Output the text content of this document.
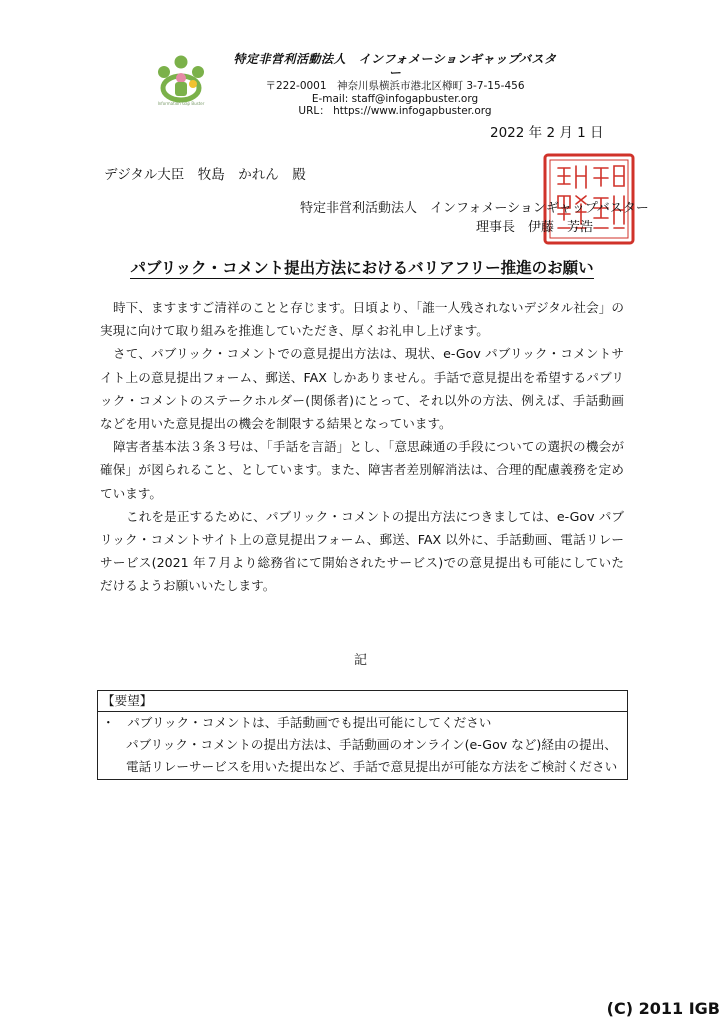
Information Gap Buster
特定非営利活動法人　インフォメーションギャップバスター
〒222-0001　神奈川県横浜市港北区樽町 3-7-15-456
E-mail: staff@infogapbuster.org
URL： https://www.infogapbuster.org
2022 年 2 月 1 日
デジタル大臣　牧島　かれん　殿
特定非営利活動法人　インフォメーションギャップバスター
理事長　伊藤　芳浩
パブリック・コメント提出方法におけるバリアフリー推進のお願い

時下、ますますご清祥のことと存じます。日頃より、「誰一人残されないデジタル社会」の実現に向けて取り組みを推進していただき、厚くお礼申し上げます。

さて、パブリック・コメントでの意見提出方法は、現状、e-Gov パブリック・コメントサイト上の意見提出フォーム、郵送、FAX しかありません。手話で意見提出を希望するパブリック・コメントのステークホルダー(関係者)にとって、それ以外の方法、例えば、手話動画などを用いた意見提出の機会を制限する結果となっています。

障害者基本法３条３号は、「手話を言語」とし、「意思疎通の手段についての選択の機会が確保」が図られること、としています。また、障害者差別解消法は、合理的配慮義務を定めています。

これを是正するために、パブリック・コメントの提出方法につきましては、e-Gov パブリック・コメントサイト上の意見提出フォーム、郵送、FAX 以外に、手話動画、電話リレーサービス(2021 年７月より総務省にて開始されたサービス)での意見提出も可能にしていただけるようお願いいたします。

記
【要望】
・　パブリック・コメントは、手話動画でも提出可能にしてください
パブリック・コメントの提出方法は、手話動画のオンライン(e-Gov など)経由の提出、
電話リレーサービスを用いた提出など、手話で意見提出が可能な方法をご検討ください
(C) 2011 IGB
